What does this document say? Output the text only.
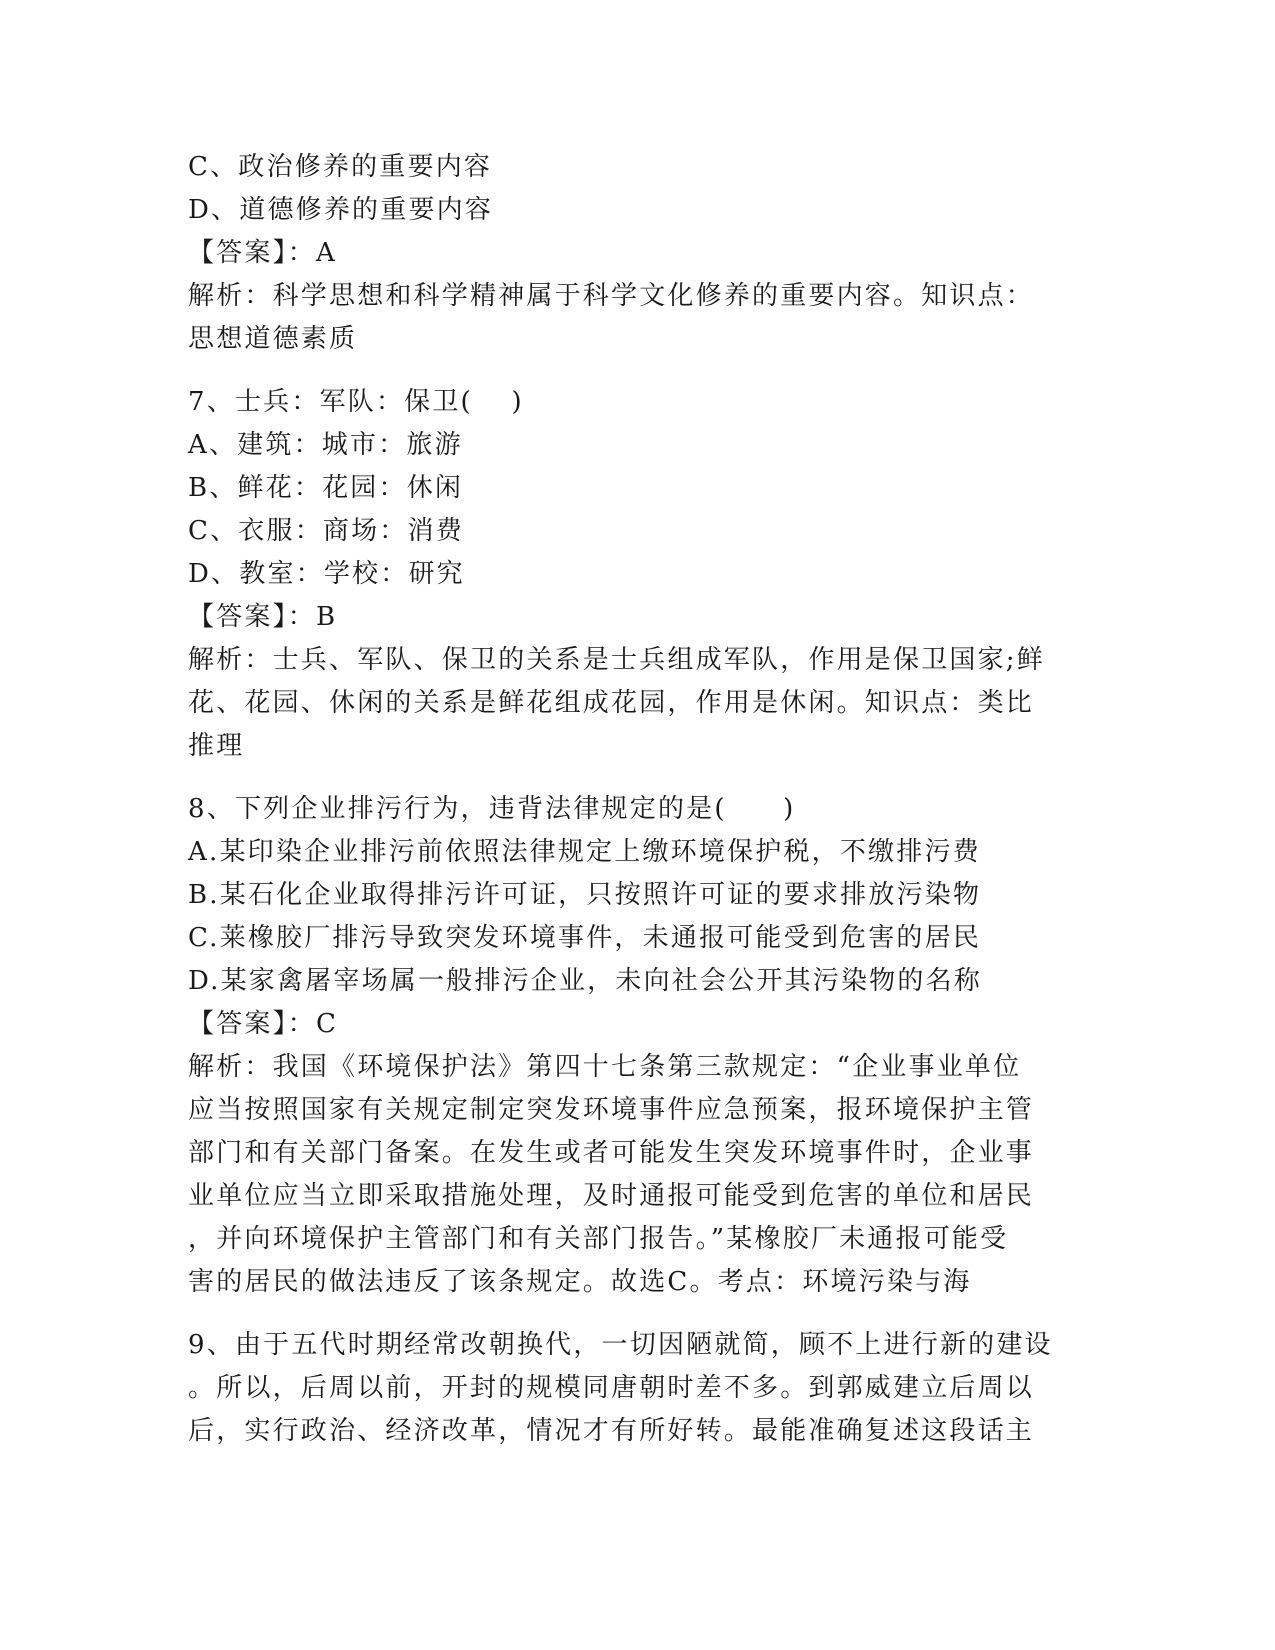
C、政治修养的重要内容
D、道德修养的重要内容
【答案】：A
解析：科学思想和科学精神属于科学文化修养的重要内容。知识点：
思想道德素质
7、士兵：军队：保卫(　 )
A、建筑：城市：旅游
B、鲜花：花园：休闲
C、衣服：商场：消费
D、教室：学校：研究
【答案】：B
解析：士兵、军队、保卫的关系是士兵组成军队，作用是保卫国家;鲜
花、花园、休闲的关系是鲜花组成花园，作用是休闲。知识点：类比
推理
8、下列企业排污行为，违背法律规定的是(　　)
A.某印染企业排污前依照法律规定上缴环境保护税，不缴排污费
B.某石化企业取得排污许可证，只按照许可证的要求排放污染物
C.莱橡胶厂排污导致突发环境事件，未通报可能受到危害的居民
D.某家禽屠宰场属一般排污企业，未向社会公开其污染物的名称
【答案】：C
解析：我国《环境保护法》第四十七条第三款规定：“企业事业单位
应当按照国家有关规定制定突发环境事件应急预案，报环境保护主管
部门和有关部门备案。在发生或者可能发生突发环境事件时，企业事
业单位应当立即采取措施处理，及时通报可能受到危害的单位和居民
，并向环境保护主管部门和有关部门报告。”某橡胶厂未通报可能受
害的居民的做法违反了该条规定。故选C。考点：环境污染与海
9、由于五代时期经常改朝换代，一切因陋就简，顾不上进行新的建设
。所以，后周以前，开封的规模同唐朝时差不多。到郭威建立后周以
后，实行政治、经济改革，情况才有所好转。最能准确复述这段话主
